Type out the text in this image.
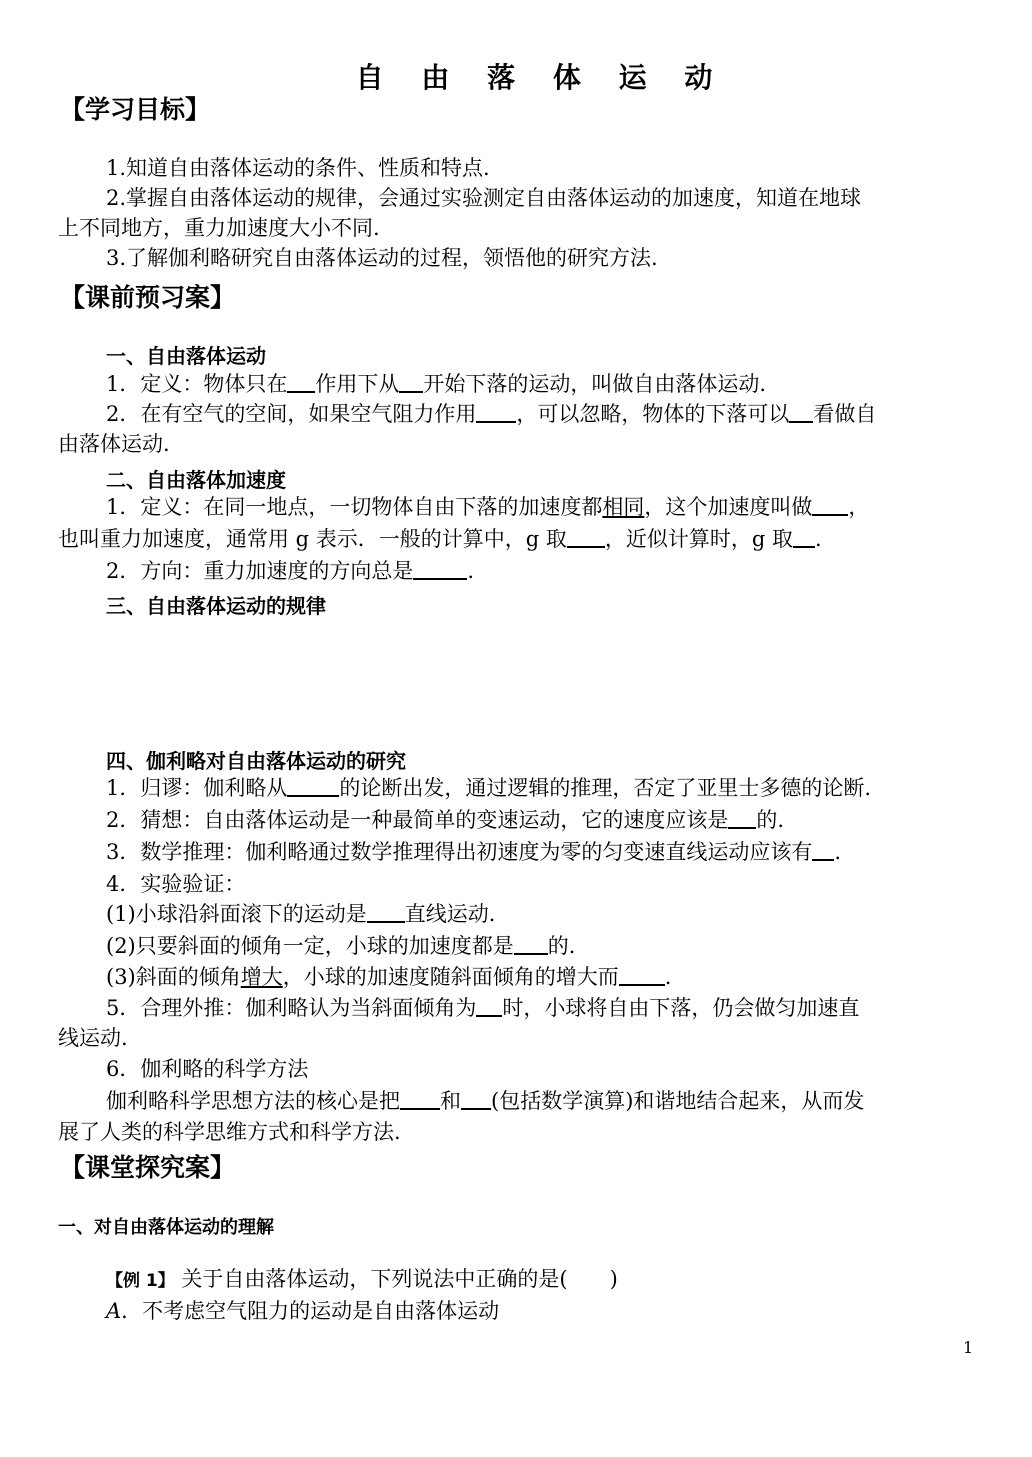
自 由 落 体 运 动
【学习目标】
1.知道自由落体运动的条件、性质和特点.
2.掌握自由落体运动的规律，会通过实验测定自由落体运动的加速度，知道在地球
上不同地方，重力加速度大小不同.
3.了解伽利略研究自由落体运动的过程，领悟他的研究方法.
【课前预习案】
一、自由落体运动
1．定义：物体只在 作用下从 开始下落的运动，叫做自由落体运动.
2．在有空气的空间，如果空气阻力作用 ，可以忽略，物体的下落可以 看做自
由落体运动.
二、自由落体加速度
1．定义：在同一地点，一切物体自由下落的加速度都相同，这个加速度叫做 ，
也叫重力加速度，通常用 g 表示．一般的计算中，g 取 ，近似计算时，g 取 .
2．方向：重力加速度的方向总是	.
三、自由落体运动的规律
四、伽利略对自由落体运动的研究
1．归谬：伽利略从 的论断出发，通过逻辑的推理，否定了亚里士多德的论断.
2．猜想：自由落体运动是一种最简单的变速运动，它的速度应该是 的.
3．数学推理：伽利略通过数学推理得出初速度为零的匀变速直线运动应该有 .
4．实验验证：
(1)小球沿斜面滚下的运动是 直线运动.
(2)只要斜面的倾角一定，小球的加速度都是 的.
(3)斜面的倾角增大，小球的加速度随斜面倾角的增大而 .
5．合理外推：伽利略认为当斜面倾角为 时，小球将自由下落，仍会做匀加速直
线运动.
6．伽利略的科学方法
伽利略科学思想方法的核心是把 和 (包括数学演算)和谐地结合起来，从而发
展了人类的科学思维方式和科学方法.
【课堂探究案】
一、对自由落体运动的理解
【例 1】 关于自由落体运动，下列说法中正确的是(　　)
A．不考虑空气阻力的运动是自由落体运动
1
